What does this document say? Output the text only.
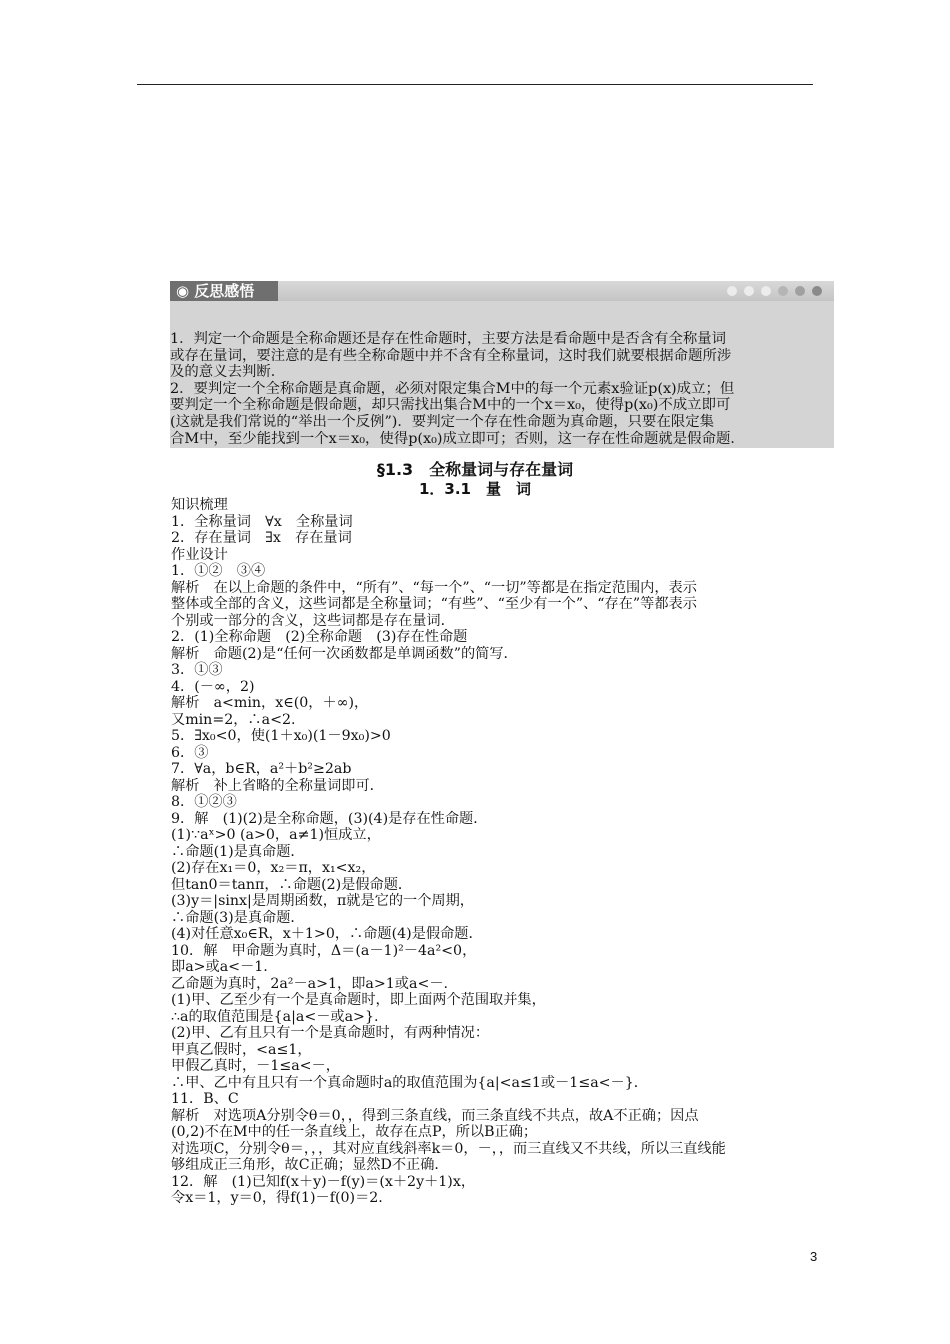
◉ 反思感悟
1．判定一个命题是全称命题还是存在性命题时，主要方法是看命题中是否含有全称量词
或存在量词，要注意的是有些全称命题中并不含有全称量词，这时我们就要根据命题所涉
及的意义去判断．
2．要判定一个全称命题是真命题，必须对限定集合M中的每一个元素x验证p(x)成立；但
要判定一个全称命题是假命题，却只需找出集合M中的一个x＝x₀，使得p(x₀)不成立即可
(这就是我们常说的“举出一个反例”)．要判定一个存在性命题为真命题，只要在限定集
合M中，至少能找到一个x＝x₀，使得p(x₀)成立即可；否则，这一存在性命题就是假命题．
§1.3　全称量词与存在量词
1．3.1　量　词
知识梳理
1．全称量词　∀x　全称量词
2．存在量词　∃x　存在量词
作业设计
1．①②　③④
解析　在以上命题的条件中，“所有”、“每一个”、“一切”等都是在指定范围内，表示
整体或全部的含义，这些词都是全称量词；“有些”、“至少有一个”、“存在”等都表示
个别或一部分的含义，这些词都是存在量词．
2．(1)全称命题　(2)全称命题　(3)存在性命题
解析　命题(2)是“任何一次函数都是单调函数”的简写．
3．①③
4．(－∞，2)
解析　a<min，x∈(0，＋∞)，
又min=2，∴a<2.
5．∃x₀<0，使(1＋x₀)(1－9x₀)>0
6．③
7．∀a，b∈R，a²＋b²≥2ab
解析　补上省略的全称量词即可．
8．①②③
9．解　(1)(2)是全称命题，(3)(4)是存在性命题．
(1)∵aˣ>0 (a>0，a≠1)恒成立，
∴命题(1)是真命题．
(2)存在x₁＝0，x₂＝π，x₁<x₂，
但tan0＝tanπ，∴命题(2)是假命题．
(3)y＝|sinx|是周期函数，π就是它的一个周期，
∴命题(3)是真命题．
(4)对任意x₀∈R，x＋1>0，∴命题(4)是假命题．
10．解　甲命题为真时，Δ＝(a－1)²－4a²<0，
即a>或a<－1.
乙命题为真时，2a²－a>1，即a>1或a<－.
(1)甲、乙至少有一个是真命题时，即上面两个范围取并集，
∴a的取值范围是{a|a<－或a>}.
(2)甲、乙有且只有一个是真命题时，有两种情况：
甲真乙假时，<a≤1，
甲假乙真时，－1≤a<－，
∴甲、乙中有且只有一个真命题时a的取值范围为{a|<a≤1或－1≤a<－}．
11．B、C
解析　对选项A分别令θ＝0，，得到三条直线，而三条直线不共点，故A不正确；因点
(0,2)不在M中的任一条直线上，故存在点P，所以B正确；
对选项C，分别令θ＝，，，其对应直线斜率k＝0，－，，而三直线又不共线，所以三直线能
够组成正三角形，故C正确；显然D不正确．
12．解　(1)已知f(x＋y)－f(y)＝(x＋2y＋1)x，
令x＝1，y＝0，得f(1)－f(0)＝2.
3
